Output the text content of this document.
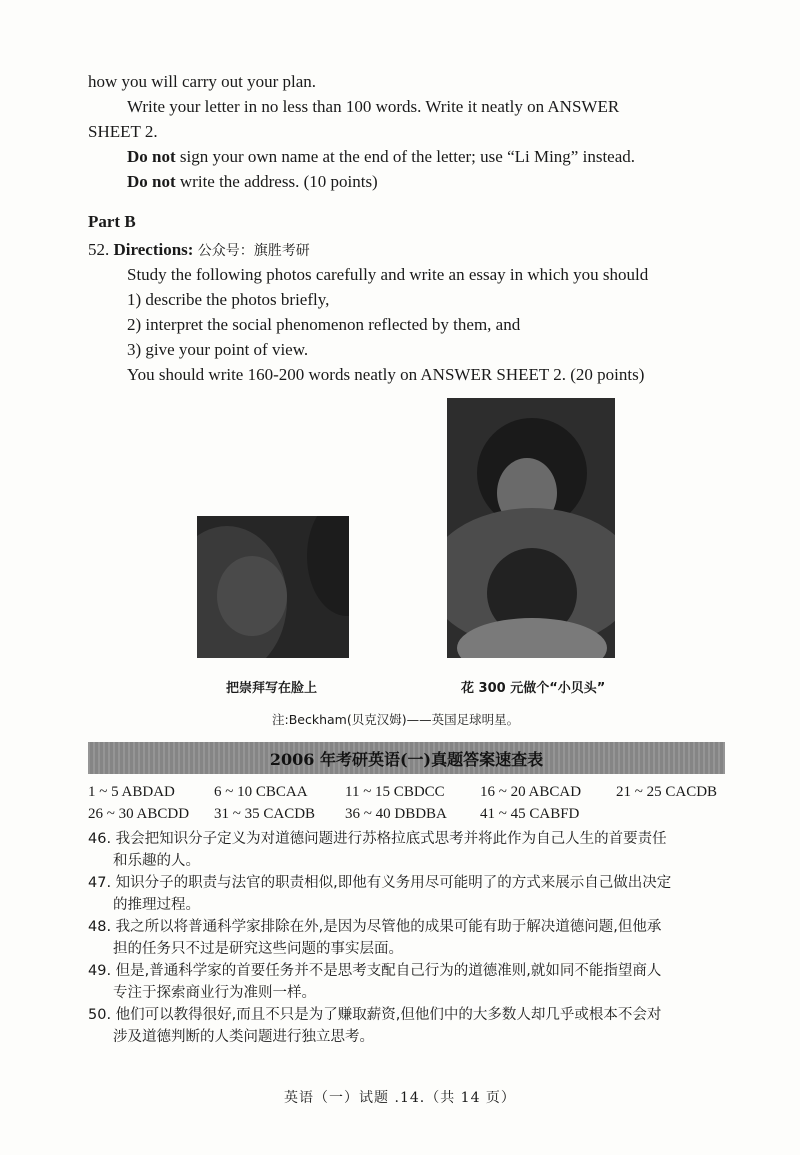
how you will carry out your plan.
Write your letter in no less than 100 words. Write it neatly on ANSWER
SHEET 2.
Do not sign your own name at the end of the letter; use “Li Ming” instead.
Do not write the address. (10 points)
Part B
52. Directions: 公众号：旗胜考研
Study the following photos carefully and write an essay in which you should
1) describe the photos briefly,
2) interpret the social phenomenon reflected by them, and
3) give your point of view.
You should write 160-200 words neatly on ANSWER SHEET 2. (20 points)
把崇拜写在脸上	花 300 元做个“小贝头”
注:Beckham(贝克汉姆)——英国足球明星。
2006 年考研英语(一)真题答案速查表
1 ~ 5 ABDAD	6 ~ 10 CBCAA 11 ~ 15 CBDCC 16 ~ 20 ABCAD 21 ~ 25 CACDB
26 ~ 30 ABCDD 31 ~ 35 CACDB 36 ~ 40 DBDBA 41 ~ 45 CABFD
46. 我会把知识分子定义为对道德问题进行苏格拉底式思考并将此作为自己人生的首要责任
和乐趣的人。
47. 知识分子的职责与法官的职责相似,即他有义务用尽可能明了的方式来展示自己做出决定
的推理过程。
48. 我之所以将普通科学家排除在外,是因为尽管他的成果可能有助于解决道德问题,但他承
担的任务只不过是研究这些问题的事实层面。
49. 但是,普通科学家的首要任务并不是思考支配自己行为的道德准则,就如同不能指望商人
专注于探索商业行为准则一样。
50. 他们可以教得很好,而且不只是为了赚取薪资,但他们中的大多数人却几乎或根本不会对
涉及道德判断的人类问题进行独立思考。
英语（一）试题 .14.（共 14 页）
